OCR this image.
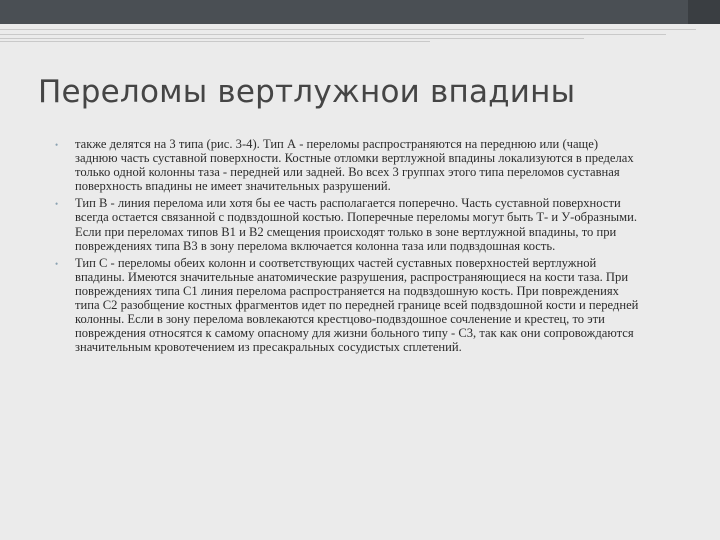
Переломы вертлужнои впадины
• также делятся на 3 типа (рис. 3-4). Тип А - переломы распространяются на переднюю или (чаще) заднюю часть суставной поверхности. Костные отломки вертлужной впадины локализуются в пределах только одной колонны таза - передней или задней. Во всех 3 группах этого типа переломов суставная поверхность впадины не имеет значительных разрушений.
• Тип В - линия перелома или хотя бы ее часть располагается поперечно. Часть суставной поверхности всегда остается связанной с подвздошной костью. Поперечные переломы могут быть Т- и У-образными. Если при переломах типов В1 и В2 смещения происходят только в зоне вертлужной впадины, то при повреждениях типа В3 в зону перелома включается колонна таза или подвздошная кость.
• Тип С - переломы обеих колонн и соответствующих частей суставных поверхностей вертлужной впадины. Имеются значительные анатомические разрушения, распространяющиеся на кости таза. При повреждениях типа С1 линия перелома распространяется на подвздошную кость. При повреждениях типа С2 разобщение костных фрагментов идет по передней границе всей подвздошной кости и передней колонны. Если в зону перелома вовлекаются крестцово-подвздошное сочленение и крестец, то эти повреждения относятся к самому опасному для жизни больного типу - С3, так как они сопровождаются значительным кровотечением из пресакральных сосудистых сплетений.
